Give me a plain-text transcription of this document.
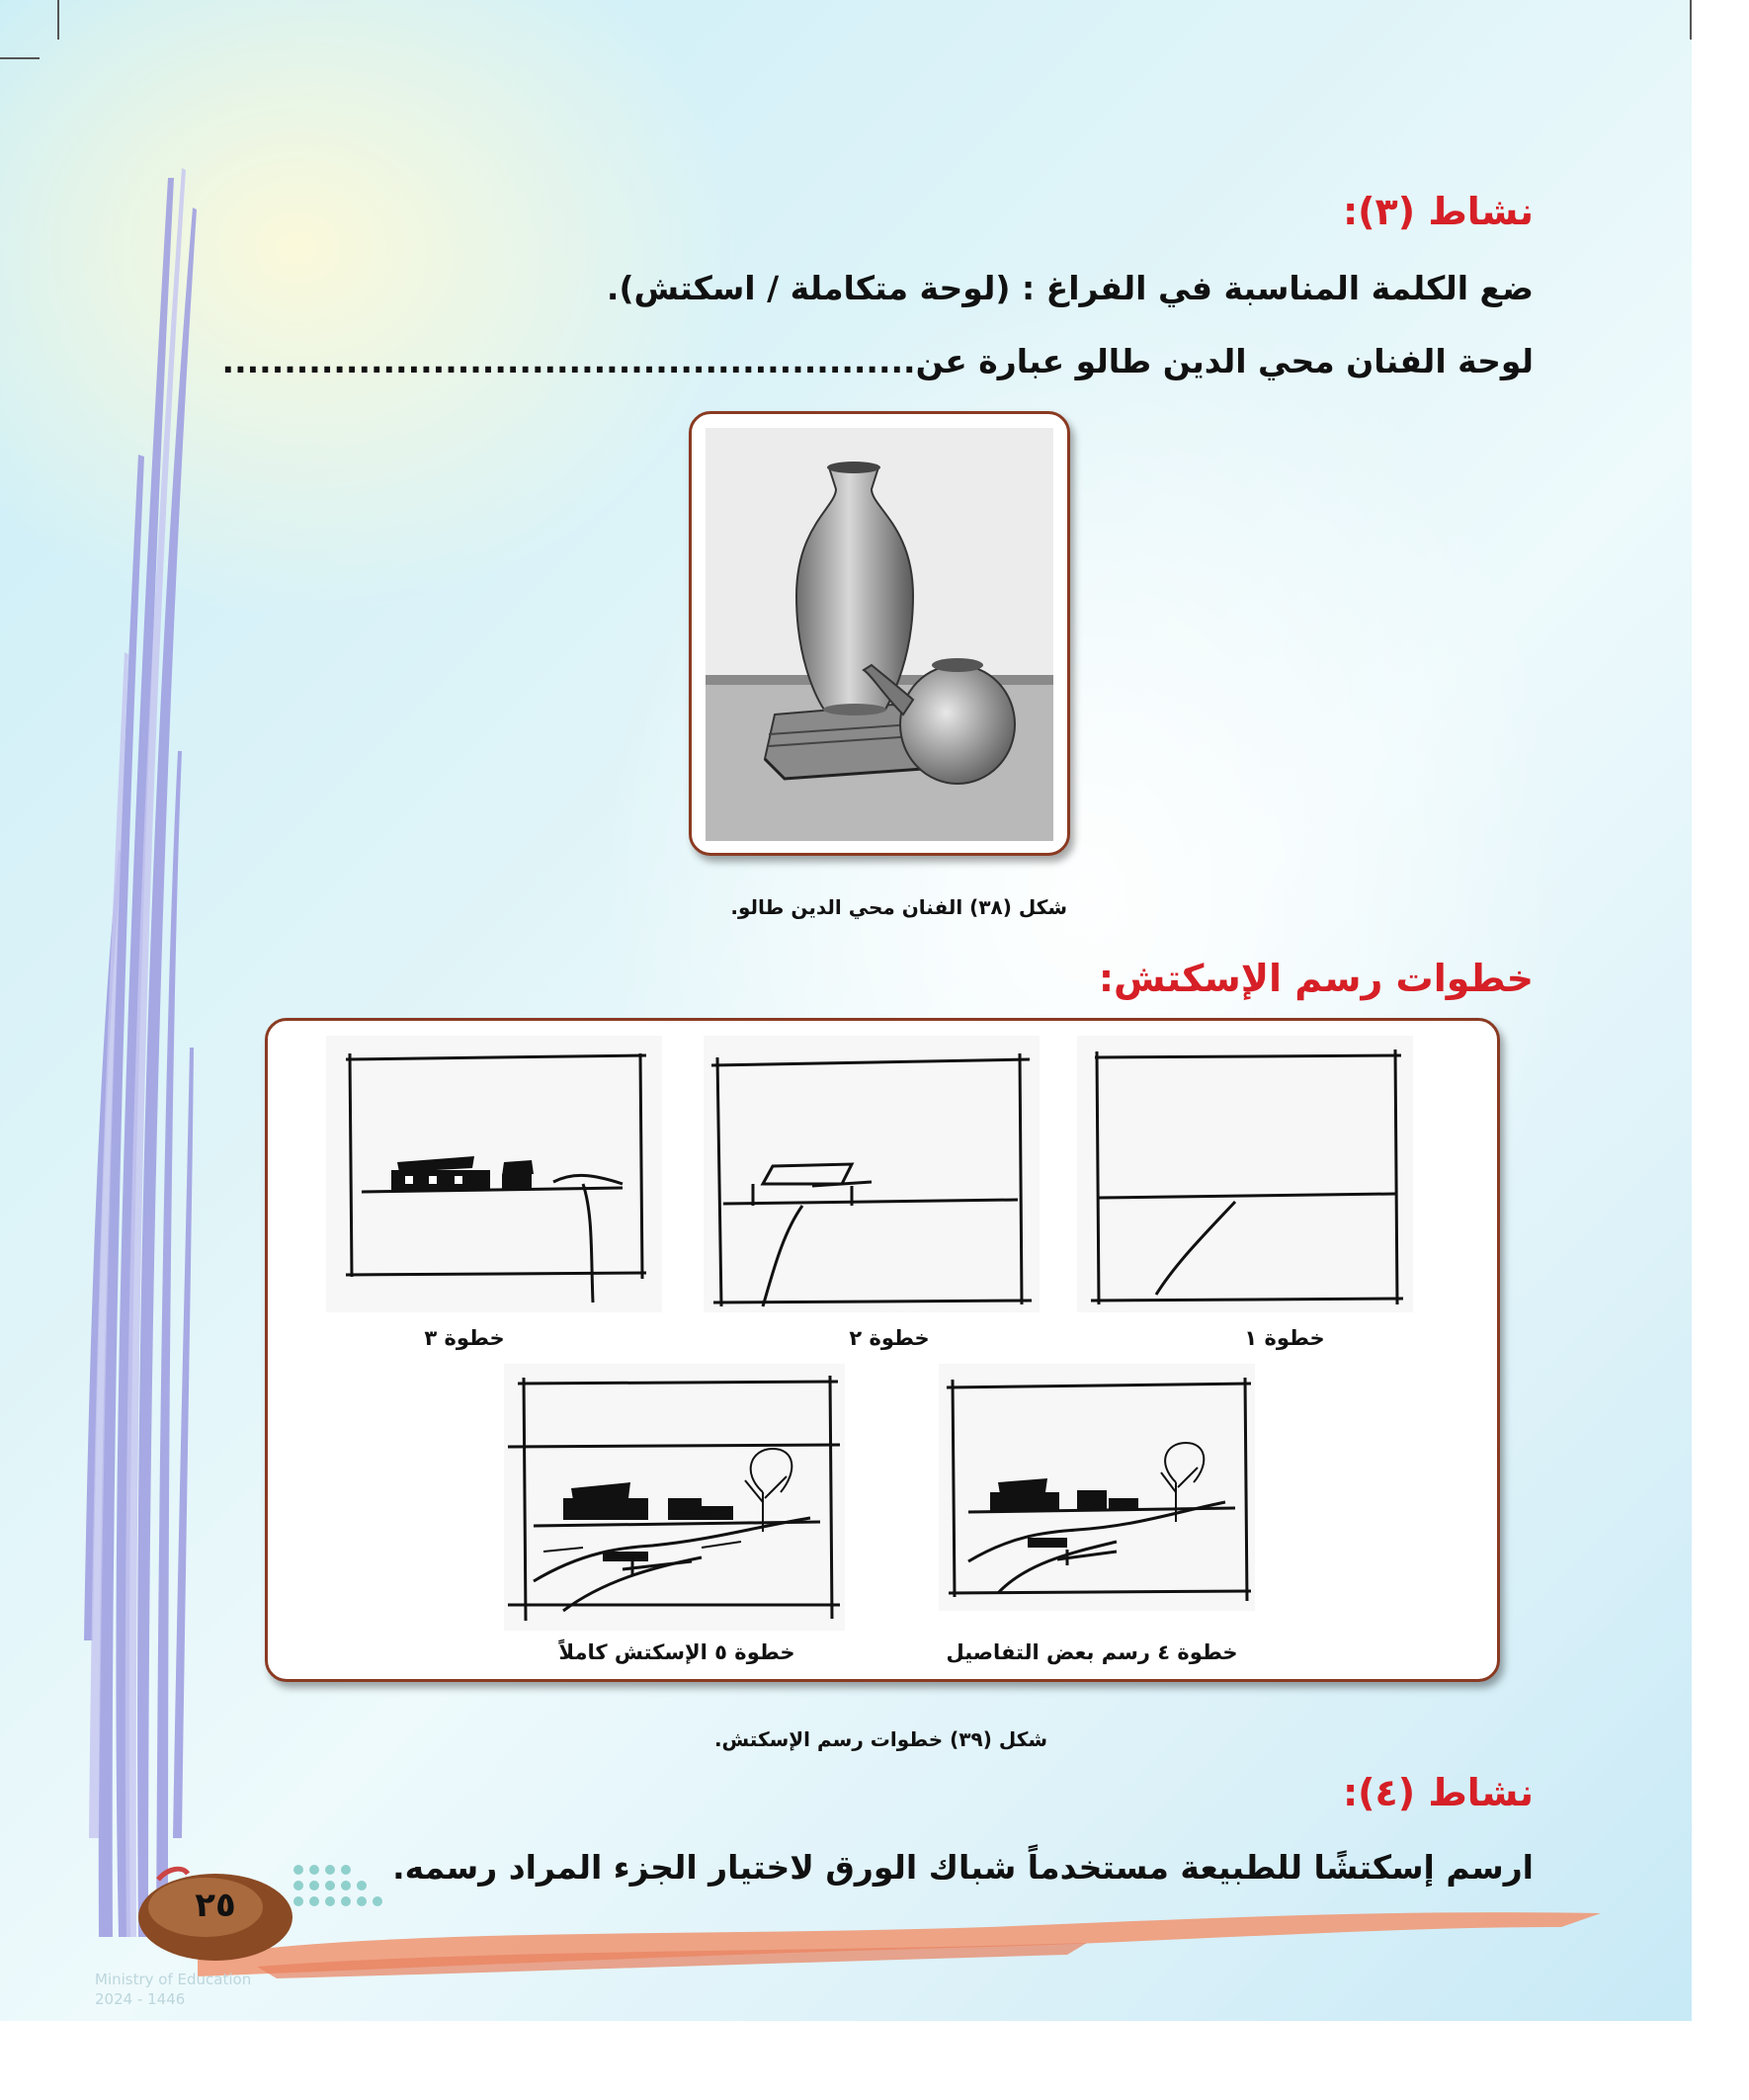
نشاط (٣):
ضع الكلمة المناسبة في الفراغ : (لوحة متكاملة / اسكتش).
لوحة الفنان محي الدين طالو عبارة عن........................................................
شكل (٣٨) الفنان محي الدين طالو.
خطوات رسم الإسكتش:
خطوة ١
خطوة ٢
خطوة ٣
خطوة ٤ رسم بعض التفاصيل
خطوة ٥ الإسكتش كاملاً
شكل (٣٩) خطوات رسم الإسكتش.
نشاط (٤):
ارسم إسكتشًا للطبيعة مستخدماً شباك الورق لاختيار الجزء المراد رسمه.
٢٥
Ministry of Education
2024 - 1446
